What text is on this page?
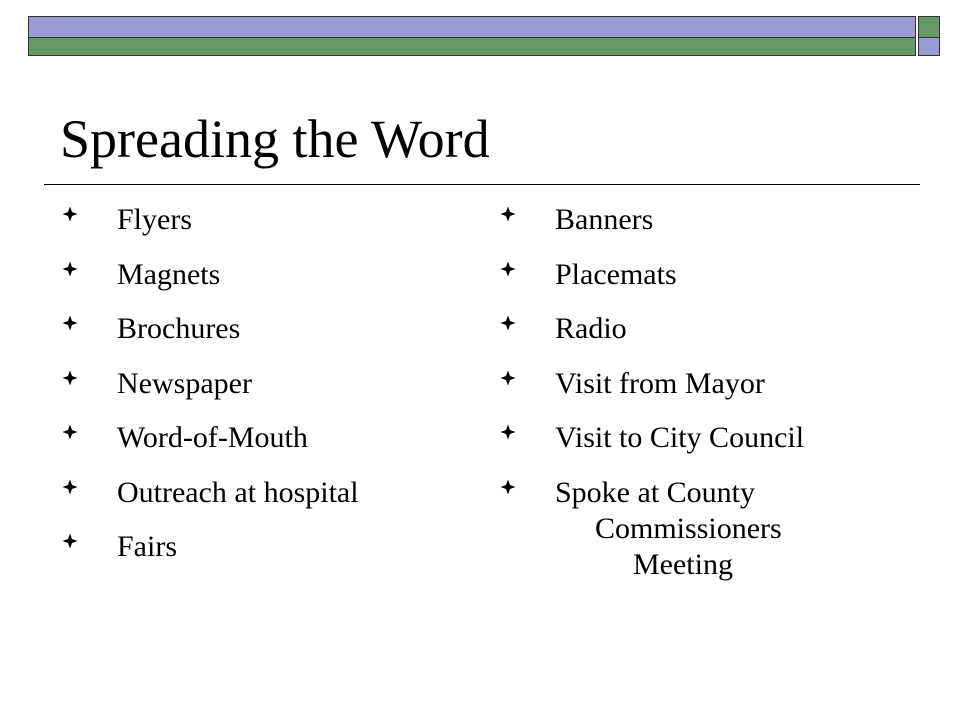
Spreading the Word
Flyers
Magnets
Brochures
Newspaper
Word-of-Mouth
Outreach at hospital
Fairs
Banners
Placemats
Radio
Visit from Mayor
Visit to City Council
Spoke at County
Commissioners
Meeting
